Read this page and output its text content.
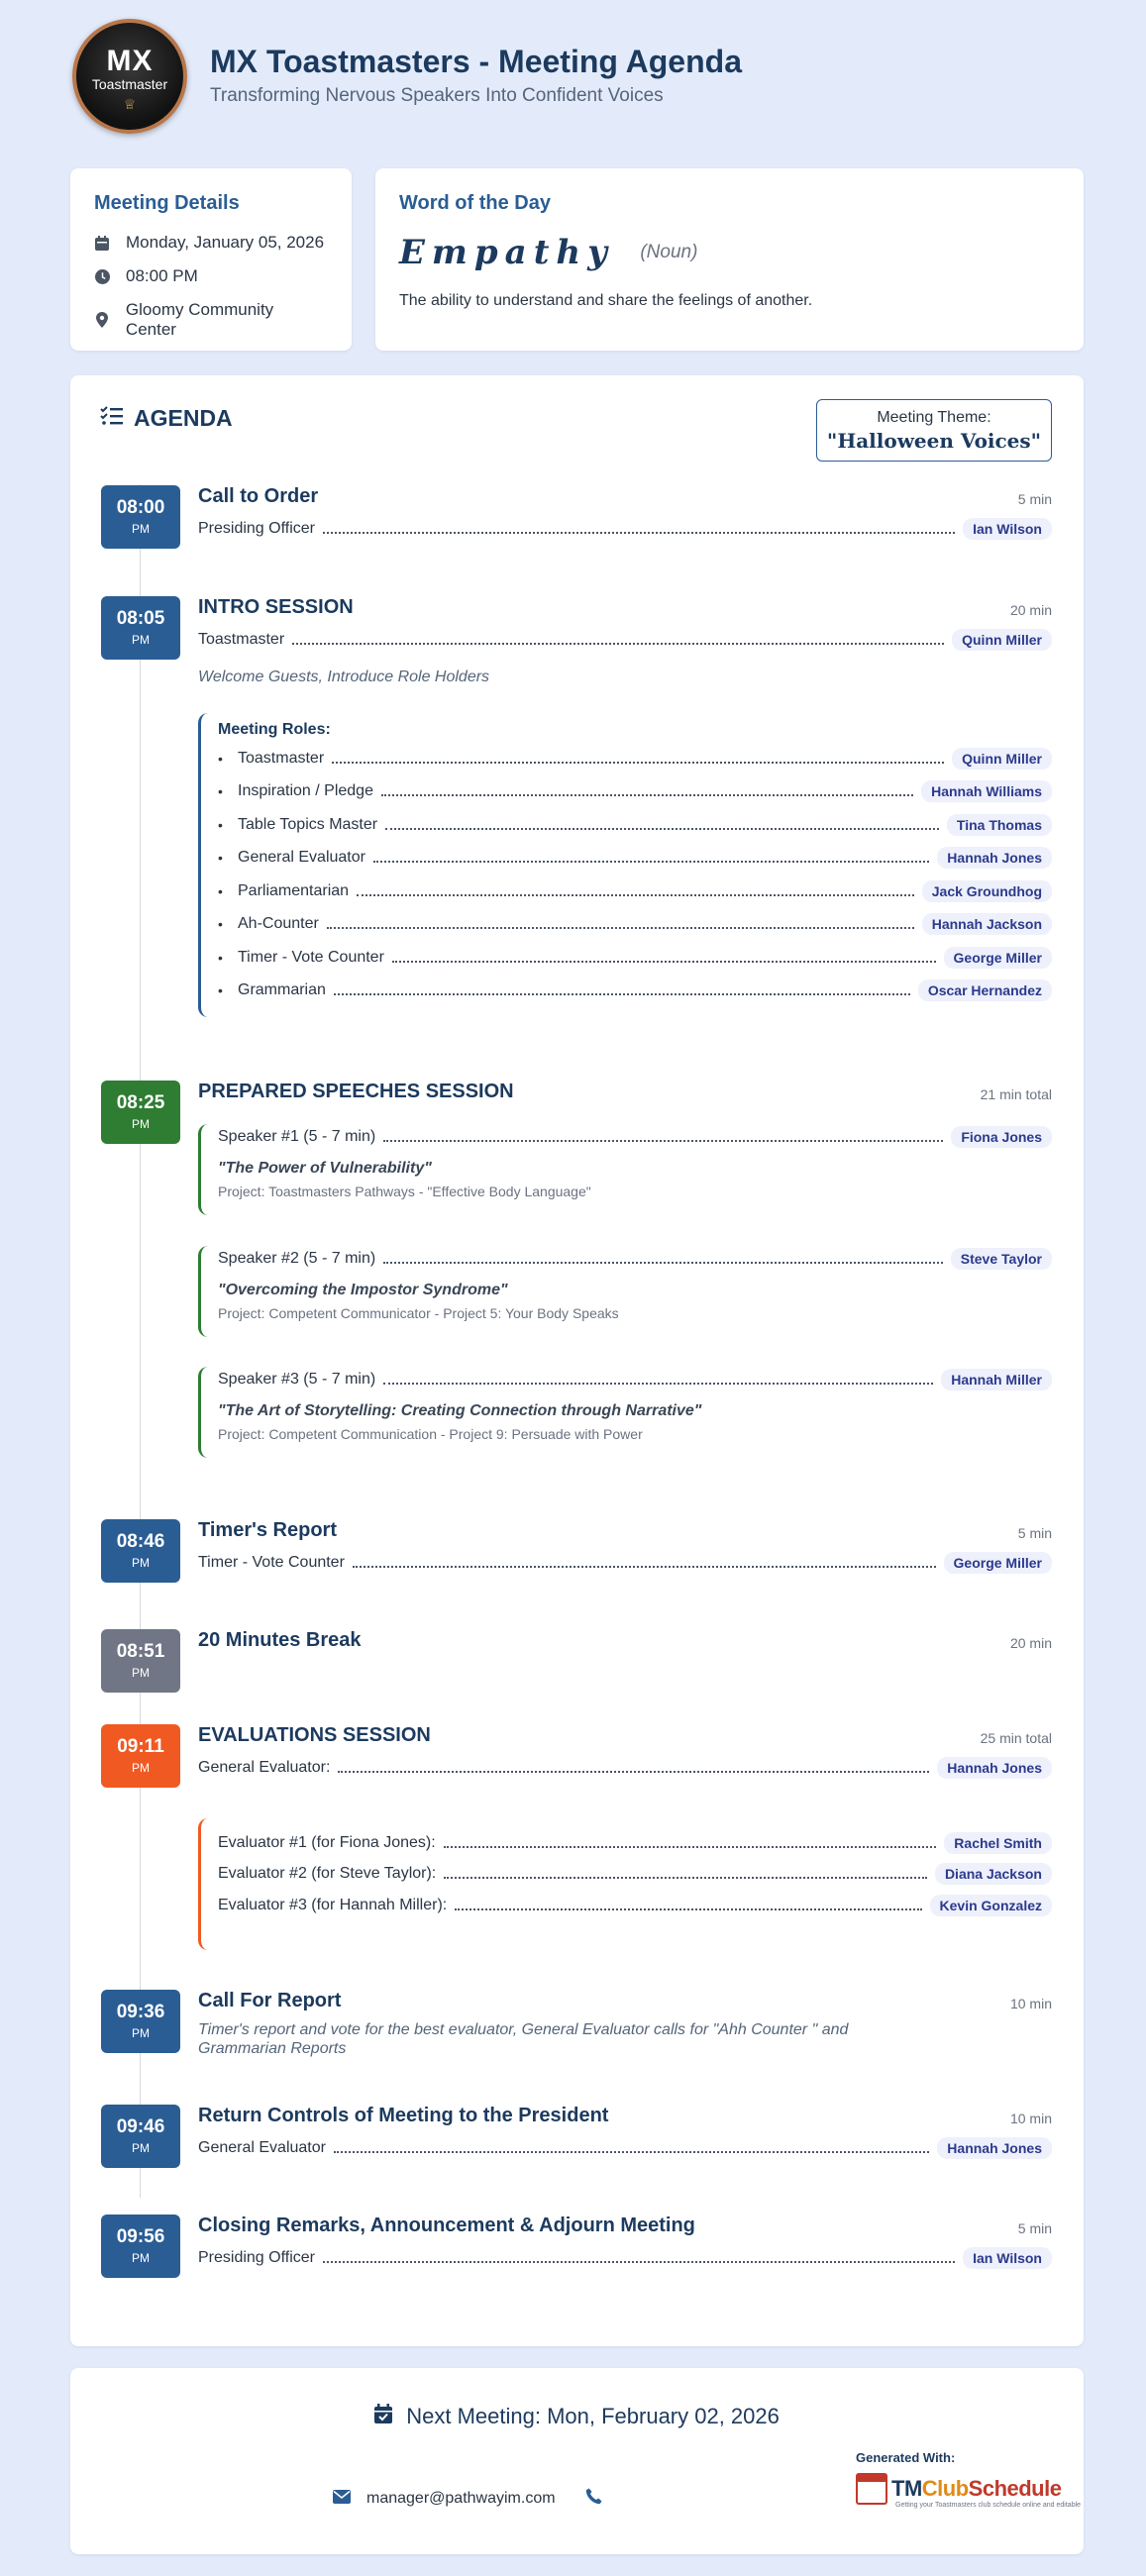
MX
Toastmaster
♕
MX Toastmasters - Meeting Agenda
Transforming Nervous Speakers Into Confident Voices
Meeting Details
Monday, January 05, 2026
08:00 PM
Gloomy Community Center
Word of the Day
Empathy (Noun)
The ability to understand and share the feelings of another.
AGENDA	Meeting Theme:
"Halloween Voices"
08:00
PM
Call to Order	5 min
Presiding Officer	Ian Wilson
08:05
PM
INTRO SESSION	20 min
Toastmaster	Quinn Miller
Welcome Guests, Introduce Role Holders
Meeting Roles:
• Toastmaster	Quinn Miller
• Inspiration / Pledge	Hannah Williams
• Table Topics Master	Tina Thomas
• General Evaluator	Hannah Jones
• Parliamentarian	Jack Groundhog
• Ah-Counter	Hannah Jackson
• Timer - Vote Counter	George Miller
• Grammarian	Oscar Hernandez
08:25
PM
PREPARED SPEECHES SESSION	21 min total
Speaker #1 (5 - 7 min)	Fiona Jones
"The Power of Vulnerability"
Project: Toastmasters Pathways - "Effective Body Language"
Speaker #2 (5 - 7 min)	Steve Taylor
"Overcoming the Impostor Syndrome"
Project: Competent Communicator - Project 5: Your Body Speaks
Speaker #3 (5 - 7 min)	Hannah Miller
"The Art of Storytelling: Creating Connection through Narrative"
Project: Competent Communication - Project 9: Persuade with Power
08:46
PM
Timer's Report	5 min
Timer - Vote Counter	George Miller
08:51
PM
20 Minutes Break	20 min
09:11
PM
EVALUATIONS SESSION	25 min total
General Evaluator:	Hannah Jones
Evaluator #1 (for Fiona Jones):	Rachel Smith
Evaluator #2 (for Steve Taylor):	Diana Jackson
Evaluator #3 (for Hannah Miller):	Kevin Gonzalez
09:36
PM
Call For Report	10 min
Timer's report and vote for the best evaluator, General Evaluator calls for "Ahh Counter " and Grammarian Reports
09:46
PM
Return Controls of Meeting to the President	10 min
General Evaluator	Hannah Jones
09:56
PM
Closing Remarks, Announcement & Adjourn Meeting	5 min
Presiding Officer	Ian Wilson
Next Meeting: Mon, February 02, 2026
manager@pathwayim.com
Generated With:
TMClubSchedule
Getting your Toastmasters club schedule online and editable
